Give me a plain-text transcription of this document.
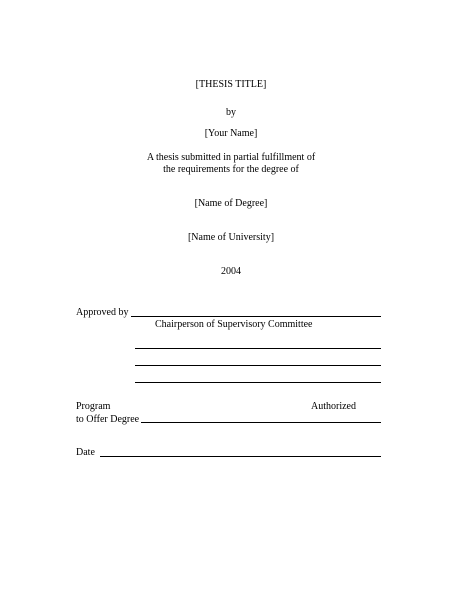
[THESIS TITLE]
by
[Your Name]
A thesis submitted in partial fulfillment of
the requirements for the degree of
[Name of Degree]
[Name of University]
2004
Approved by
Chairperson of Supervisory Committee
Program	Authorized
to Offer Degree
Date
